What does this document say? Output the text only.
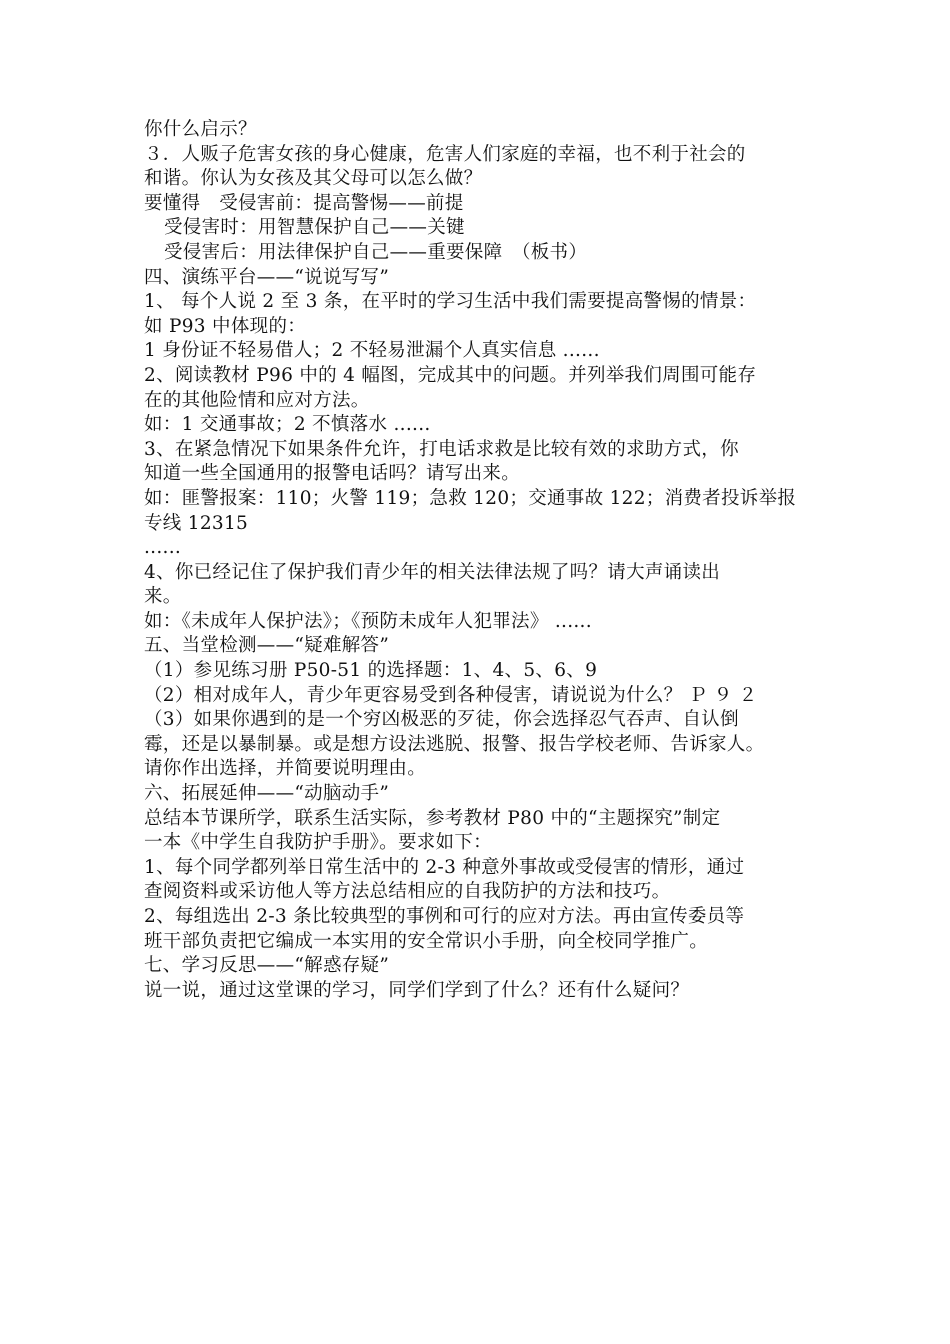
你什么启示？
３．人贩子危害女孩的身心健康，危害人们家庭的幸福，也不利于社会的
和谐。你认为女孩及其父母可以怎么做？
要懂得　受侵害前：提高警惕——前提
受侵害时：用智慧保护自己——关键
受侵害后：用法律保护自己——重要保障　（板书）
四、演练平台——“说说写写”
1、 每个人说 2 至 3 条，在平时的学习生活中我们需要提高警惕的情景：
如 P93 中体现的：
1 身份证不轻易借人；2 不轻易泄漏个人真实信息 ......
2、阅读教材 P96 中的 4 幅图，完成其中的问题。并列举我们周围可能存
在的其他险情和应对方法。
如：1 交通事故；2 不慎落水 ......
3、在紧急情况下如果条件允许，打电话求救是比较有效的求助方式，你
知道一些全国通用的报警电话吗？请写出来。
如：匪警报案：110；火警 119；急救 120；交通事故 122；消费者投诉举报
专线 12315
......
4、你已经记住了保护我们青少年的相关法律法规了吗？请大声诵读出
来。
如：《未成年人保护法》；《预防未成年人犯罪法》 ......
五、当堂检测——“疑难解答”
（1）参见练习册 P50-51 的选择题：1、4、5、6、9
（2）相对成年人，青少年更容易受到各种侵害，请说说为什么？ Ｐ ９ ２
（3）如果你遇到的是一个穷凶极恶的歹徒，你会选择忍气吞声、自认倒
霉，还是以暴制暴。或是想方设法逃脱、报警、报告学校老师、告诉家人。
请你作出选择，并简要说明理由。
六、拓展延伸——“动脑动手”
总结本节课所学，联系生活实际，参考教材 P80 中的“主题探究”制定
一本《中学生自我防护手册》。要求如下：
1、每个同学都列举日常生活中的 2-3 种意外事故或受侵害的情形，通过
查阅资料或采访他人等方法总结相应的自我防护的方法和技巧。
2、每组选出 2-3 条比较典型的事例和可行的应对方法。再由宣传委员等
班干部负责把它编成一本实用的安全常识小手册，向全校同学推广。
七、学习反思——“解惑存疑”
说一说，通过这堂课的学习，同学们学到了什么？还有什么疑问？
